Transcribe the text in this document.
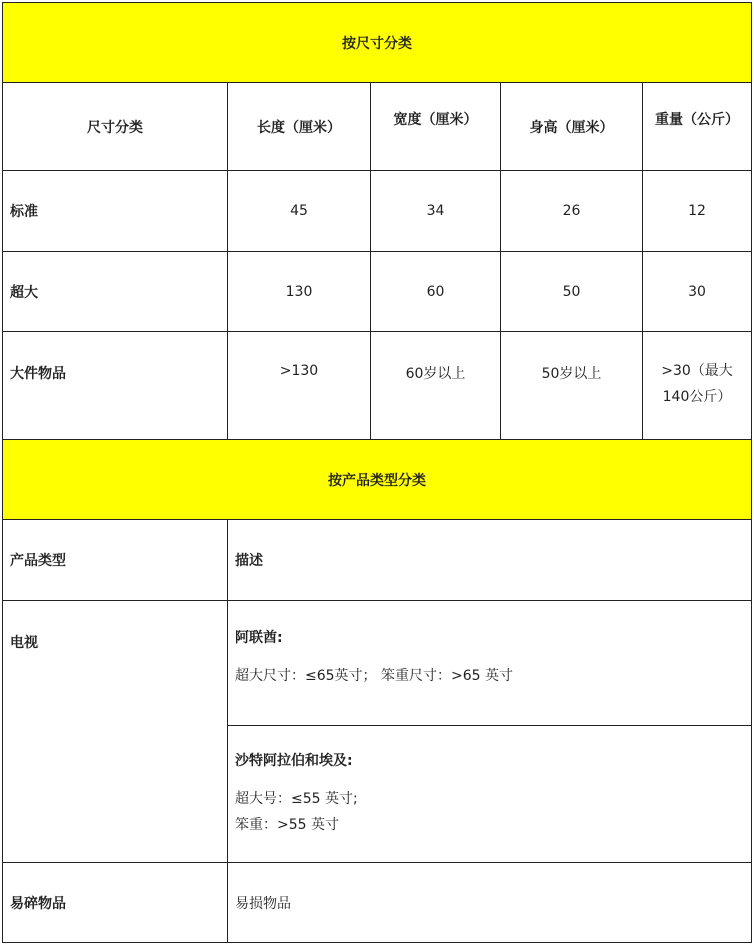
按尺寸分类				
尺寸分类	长度（厘米）	宽度（厘米）	身高（厘米）	重量（公斤）
标准	45	34	26	12
超大	130	60	50	30
大件物品	>130	60岁以上	50岁以上	>30（最大
140公斤）

按产品类型分类				
产品类型	描述			
电视	阿联酋:
超大尺寸：≤65英寸； 笨重尺寸：>65 英寸			

	沙特阿拉伯和埃及:
超大号：≤55 英寸;
笨重：>55 英寸			

易碎物品	易损物品			
